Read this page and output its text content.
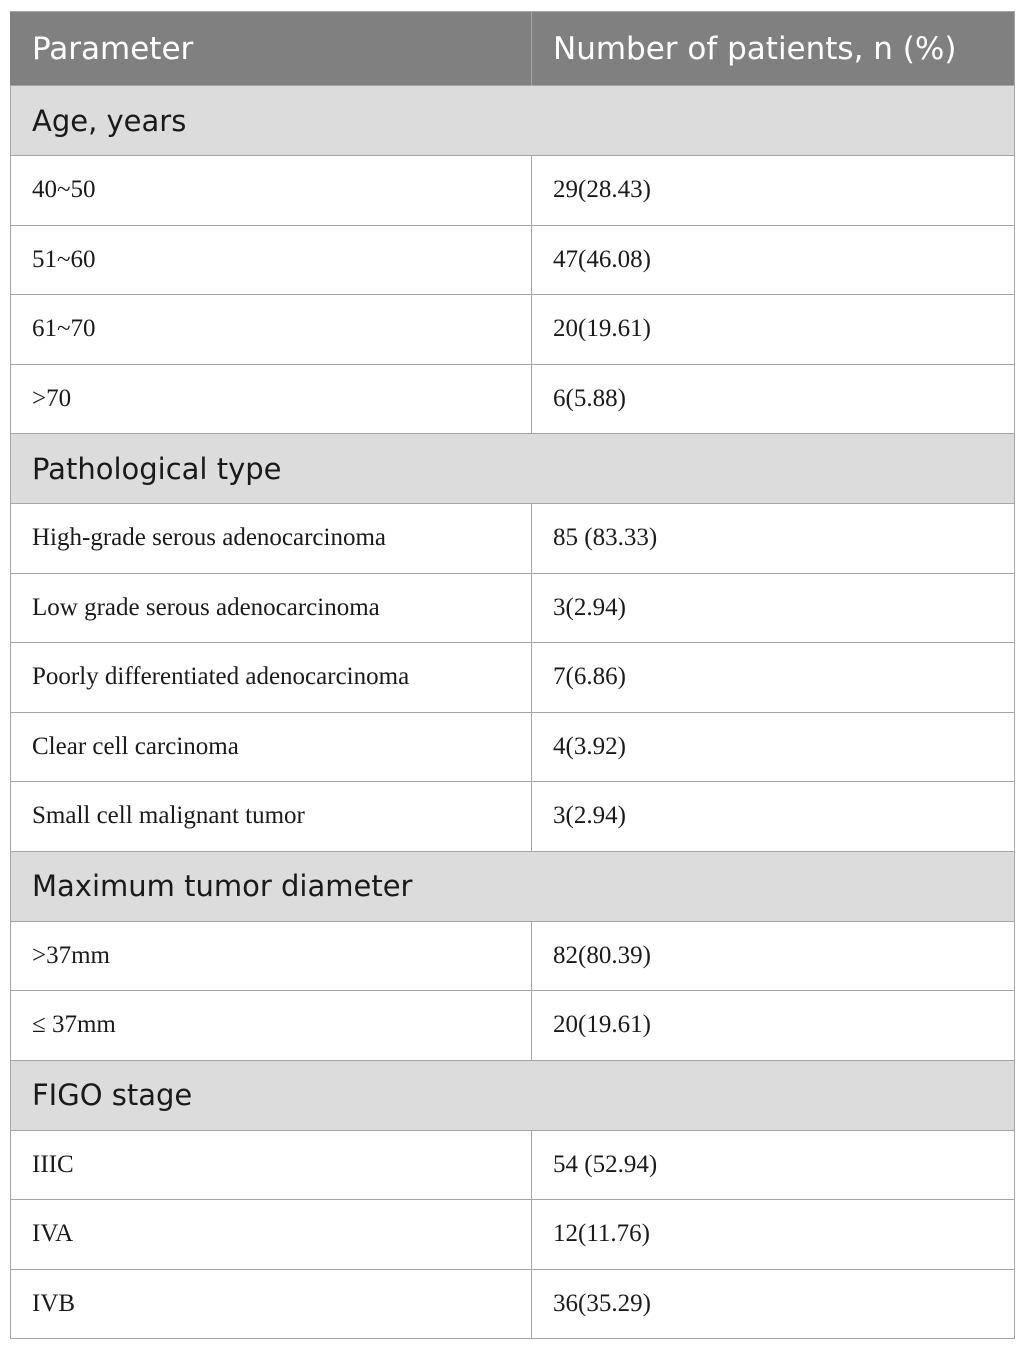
Parameter	Number of patients, n (%)
Age, years	
40~50	29(28.43)
51~60	47(46.08)
61~70	20(19.61)
>70	6(5.88)
Pathological type	
High-grade serous adenocarcinoma	85 (83.33)
Low grade serous adenocarcinoma	3(2.94)
Poorly differentiated adenocarcinoma	7(6.86)
Clear cell carcinoma	4(3.92)
Small cell malignant tumor	3(2.94)
Maximum tumor diameter	
>37mm	82(80.39)
≤ 37mm	20(19.61)
FIGO stage	
IIIC	54 (52.94)
IVA	12(11.76)
IVB	36(35.29)
